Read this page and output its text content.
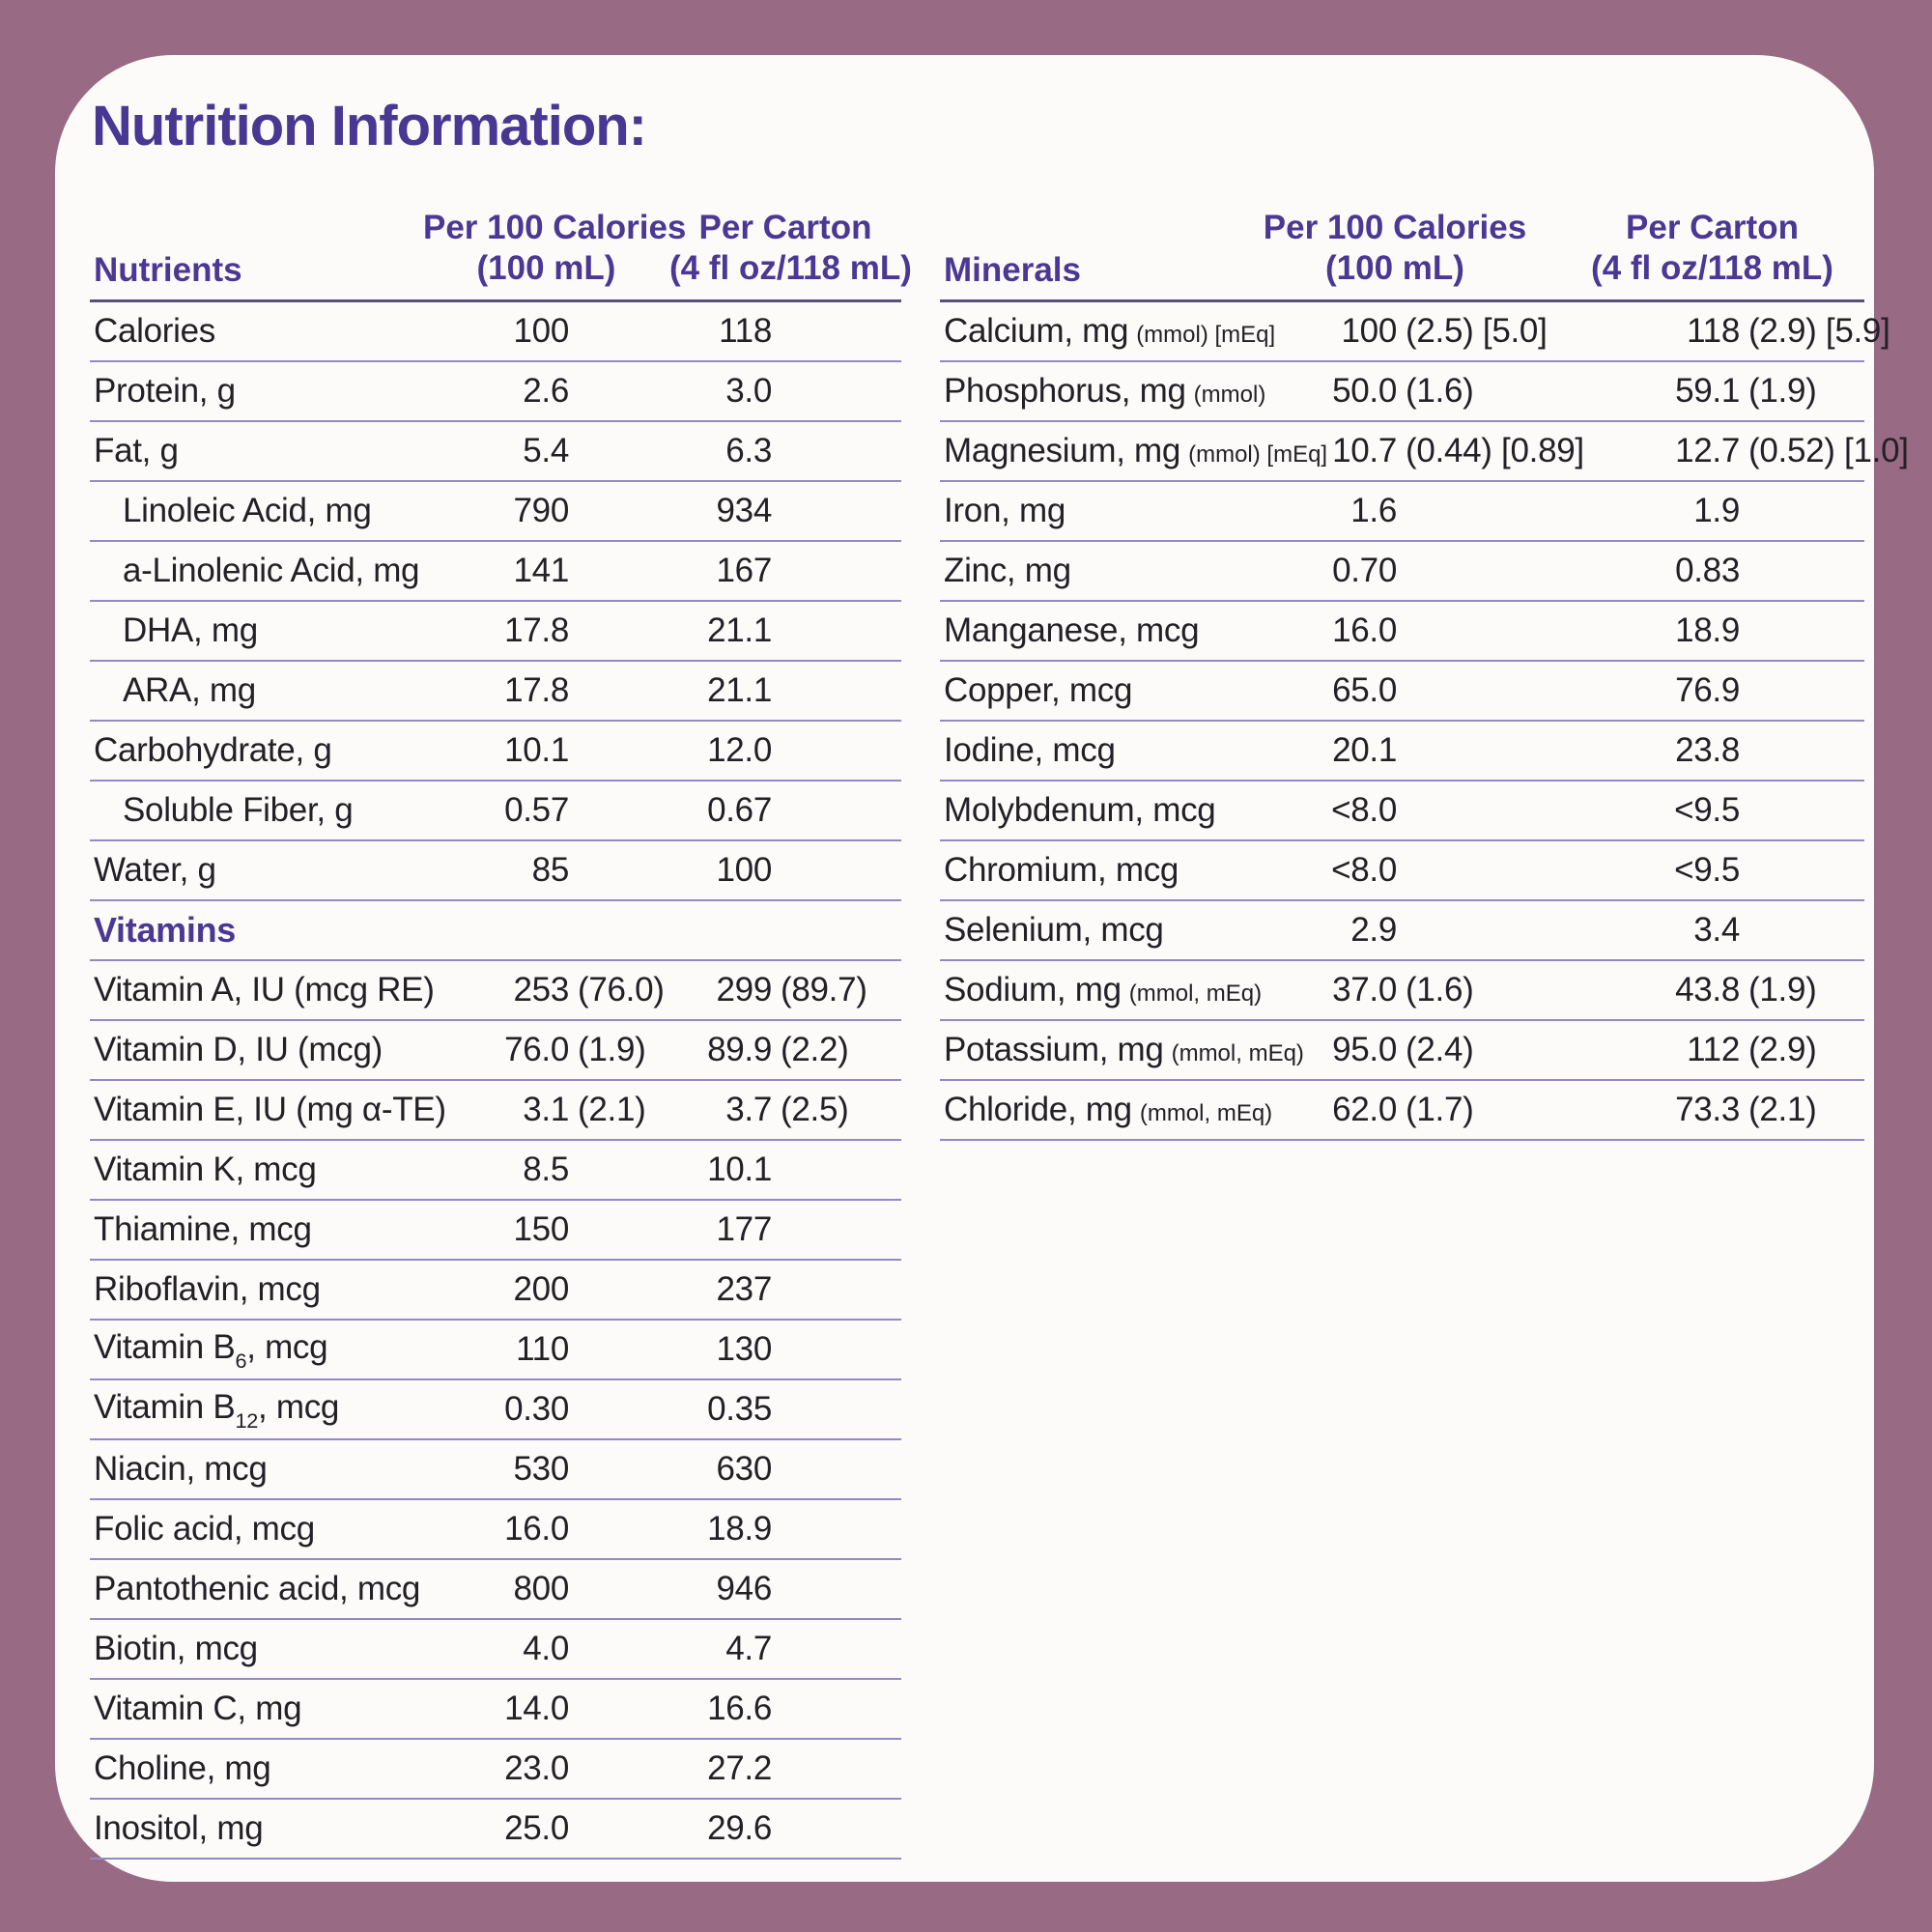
Nutrition Information:
Nutrients
Per 100 Calories
(100 mL)
Per Carton
(4 fl oz/118 mL)
Calories	100	118
Protein, g	2.6	3.0
Fat, g	5.4	6.3
Linoleic Acid, mg	790	934
a-Linolenic Acid, mg	141	167
DHA, mg	17.8	21.1
ARA, mg	17.8	21.1
Carbohydrate, g	10.1	12.0
Soluble Fiber, g	0.57	0.67
Water, g	85	100
Vitamins
Vitamin A, IU (mcg RE)	253 (76.0)	299 (89.7)
Vitamin D, IU (mcg)	76.0 (1.9)	89.9 (2.2)
Vitamin E, IU (mg α-TE)	3.1 (2.1)	3.7 (2.5)
Vitamin K, mcg	8.5	10.1
Thiamine, mcg	150	177
Riboflavin, mcg	200	237
Vitamin $B_6$, mcg	110	130
Vitamin $B_{12}$, mcg	0.30	0.35
Niacin, mcg	530	630
Folic acid, mcg	16.0	18.9
Pantothenic acid, mcg	800	946
Biotin, mcg	4.0	4.7
Vitamin C, mg	14.0	16.6
Choline, mg	23.0	27.2
Inositol, mg	25.0	29.6
Minerals
Per 100 Calories
(100 mL)
Per Carton
(4 fl oz/118 mL)
Calcium, mg (mmol) [mEq]	100 (2.5) [5.0]	118 (2.9) [5.9]
Phosphorus, mg (mmol)	50.0 (1.6)	59.1 (1.9)
Magnesium, mg (mmol) [mEq] 10.7 (0.44) [0.89]	12.7 (0.52) [1.0]
Iron, mg	1.6	1.9
Zinc, mg	0.70	0.83
Manganese, mcg	16.0	18.9
Copper, mcg	65.0	76.9
Iodine, mcg	20.1	23.8
Molybdenum, mcg	<8.0	<9.5
Chromium, mcg	<8.0	<9.5
Selenium, mcg	2.9	3.4
Sodium, mg (mmol, mEq)	37.0 (1.6)	43.8 (1.9)
Potassium, mg (mmol, mEq) 95.0 (2.4)	112 (2.9)
Chloride, mg (mmol, mEq)	62.0 (1.7)	73.3 (2.1)
